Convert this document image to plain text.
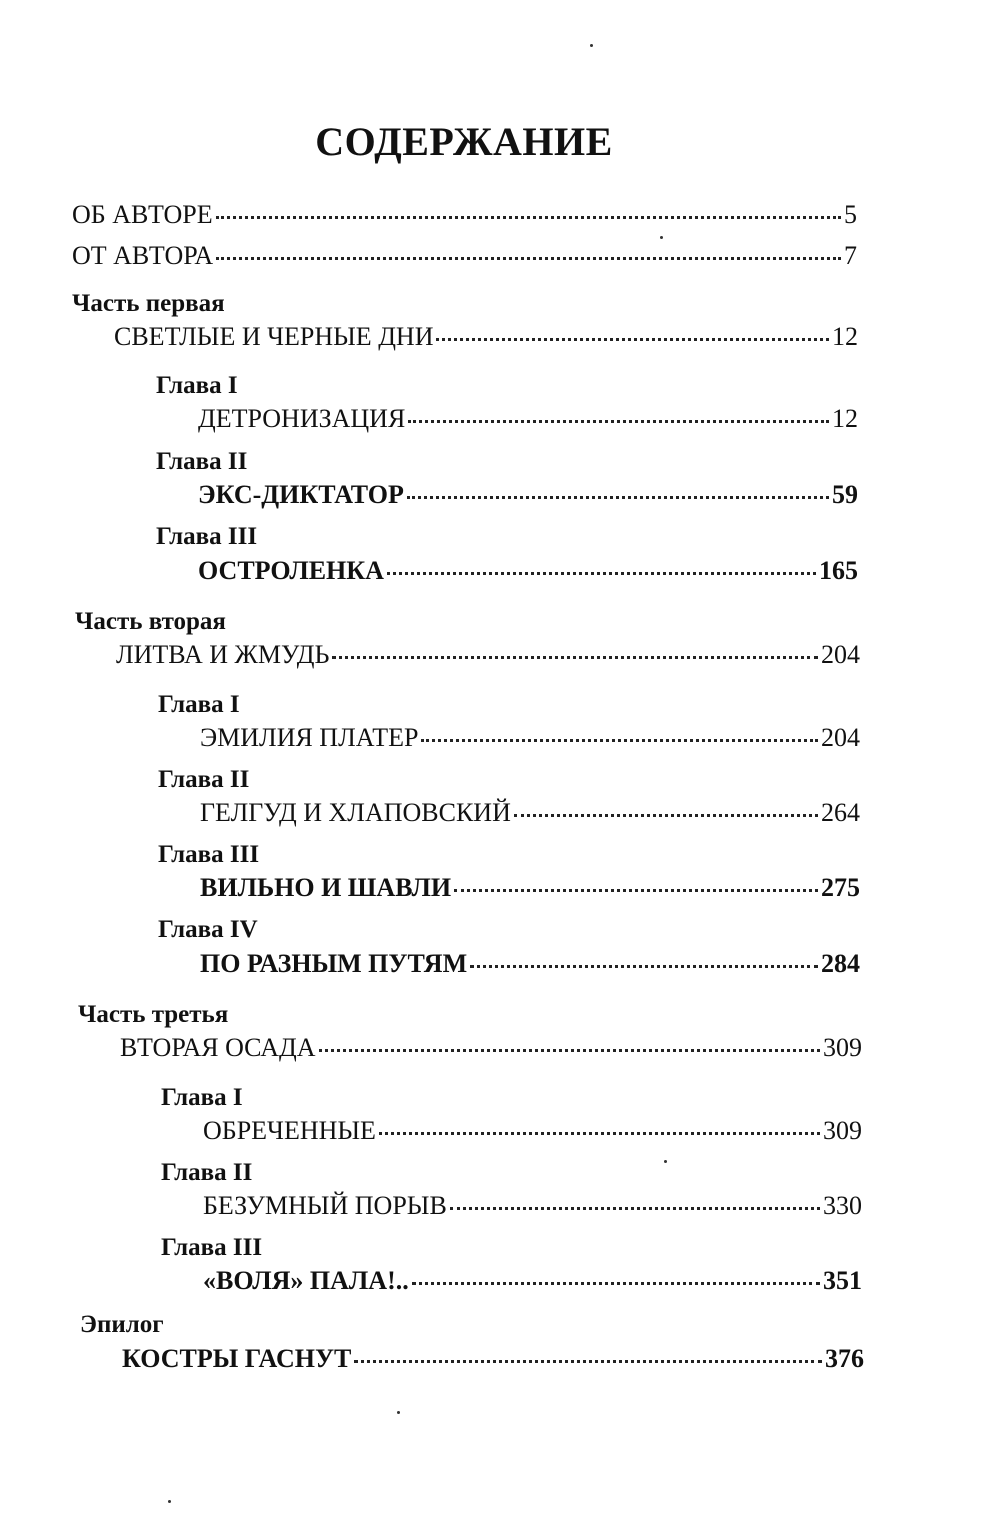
СОДЕРЖАНИЕ
ОБ АВТОРЕ	5
ОТ АВТОРА	7
Часть первая
СВЕТЛЫЕ И ЧЕРНЫЕ ДНИ	12
Глава I
ДЕТРОНИЗАЦИЯ	12
Глава II
ЭКС-ДИКТАТОР	59
Глава III
ОСТРОЛЕНКА	165
Часть вторая
ЛИТВА И ЖМУДЬ	204
Глава I
ЭМИЛИЯ ПЛАТЕР	204
Глава II
ГЕЛГУД И ХЛАПОВСКИЙ	264
Глава III
ВИЛЬНО И ШАВЛИ	275
Глава IV
ПО РАЗНЫМ ПУТЯМ	284
Часть третья
ВТОРАЯ ОСАДА	309
Глава I
ОБРЕЧЕННЫЕ	309
Глава II
БЕЗУМНЫЙ ПОРЫВ	330
Глава III
«ВОЛЯ» ПАЛА!..	351
Эпилог
КОСТРЫ ГАСНУТ	376
